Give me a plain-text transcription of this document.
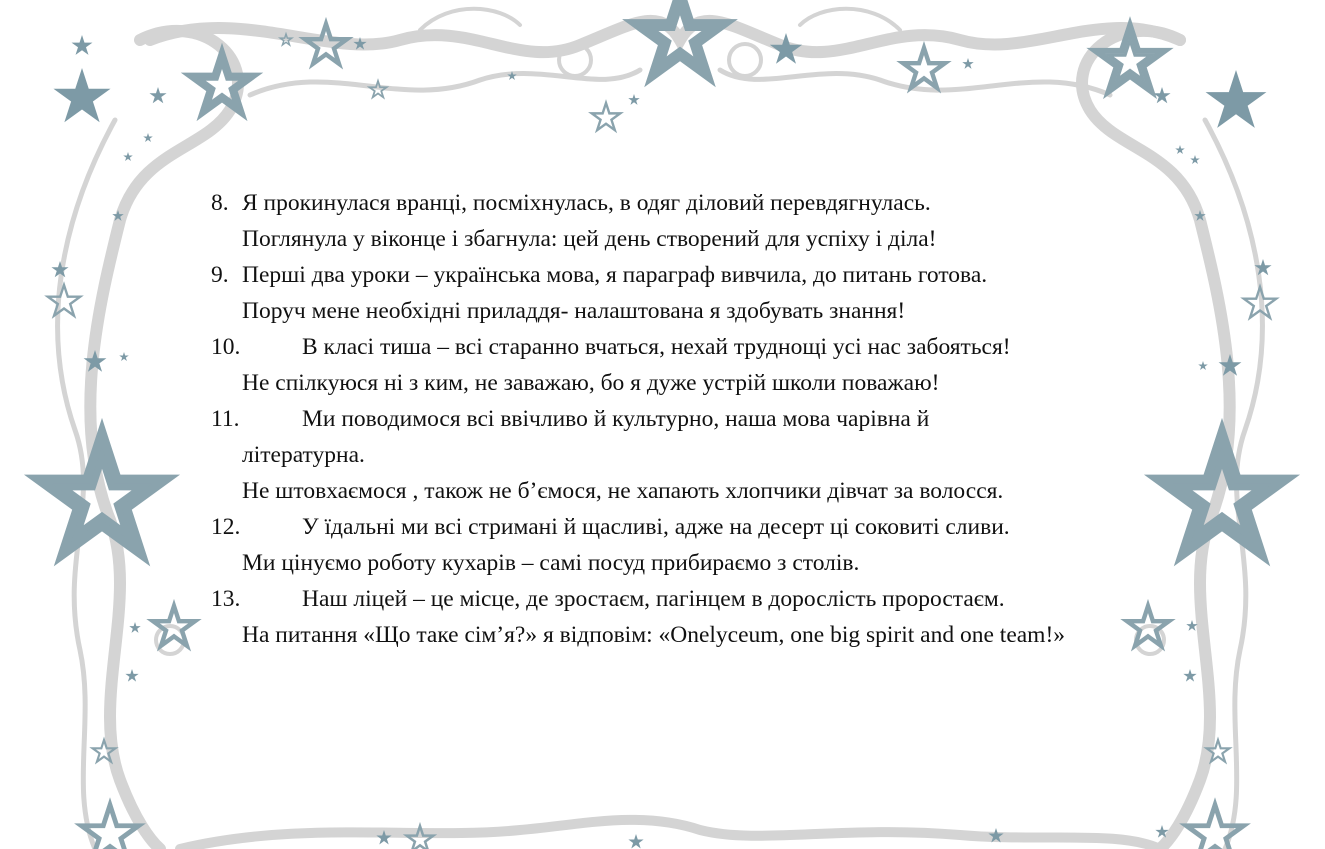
8. Я прокинулася вранці, посміхнулась, в одяг діловий перевдягнулась.
Поглянула у віконце і збагнула: цей день створений для успіху і діла!
9. Перші два уроки – українська мова, я параграф вивчила, до питань готова.
Поруч мене необхідні приладдя- налаштована я здобувать знання!
10.	В класі тиша – всі старанно вчаться, нехай труднощі усі нас забояться!
Не спілкуюся ні з ким, не заважаю, бо я дуже устрій школи поважаю!
11.	Ми поводимося всі ввічливо й культурно, наша мова чарівна й літературна.
Не штовхаємося , також не б’ємося, не хапають хлопчики дівчат за волосся.
12.	У їдальні ми всі стримані й щасливі, адже на десерт ці соковиті сливи.
Ми цінуємо роботу кухарів – самі посуд прибираємо з столів.
13.	Наш ліцей – це місце, де зростаєм, пагінцем в дорослість проростаєм.
На питання «Що таке сім’я?» я відповім: «Onelyceum, one big spirit and one team!»
